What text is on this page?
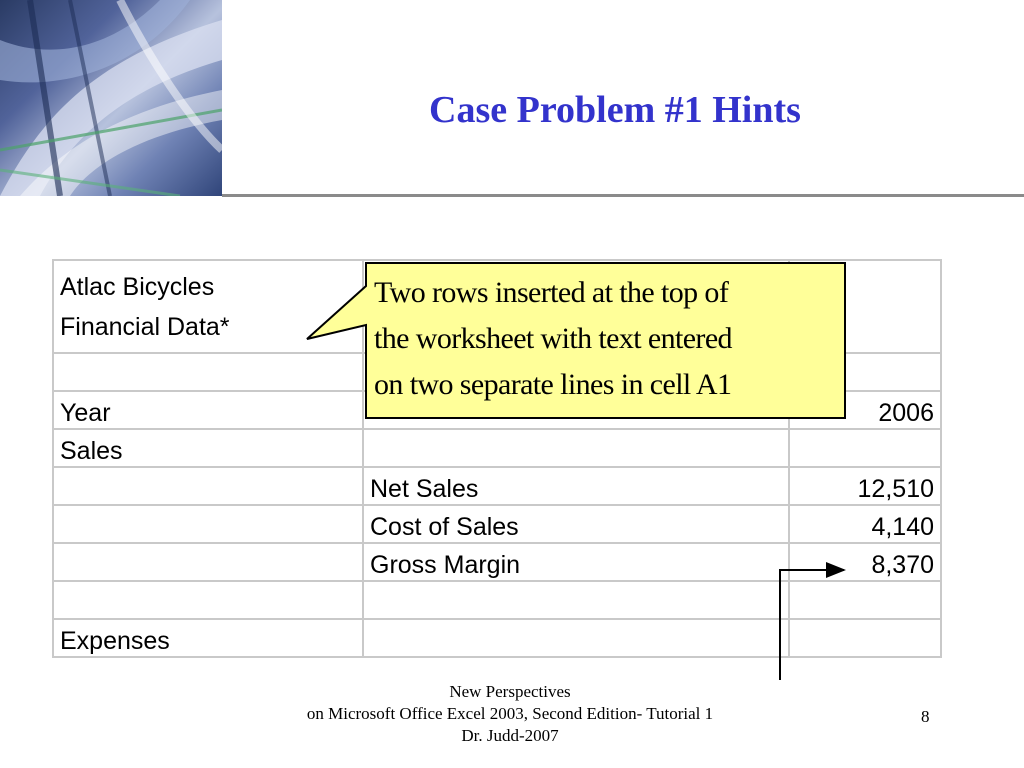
Case Problem #1 Hints
Atlac Bicycles
Financial Data*		

Year		2006
Sales		
	Net Sales	12,510
	Cost of Sales	4,140
	Gross Margin	8,370

Expenses		
Two rows inserted at the top of
the worksheet with text entered
on two separate lines in cell A1
New Perspectives
on Microsoft Office Excel 2003, Second Edition- Tutorial 1
Dr. Judd-2007
8
